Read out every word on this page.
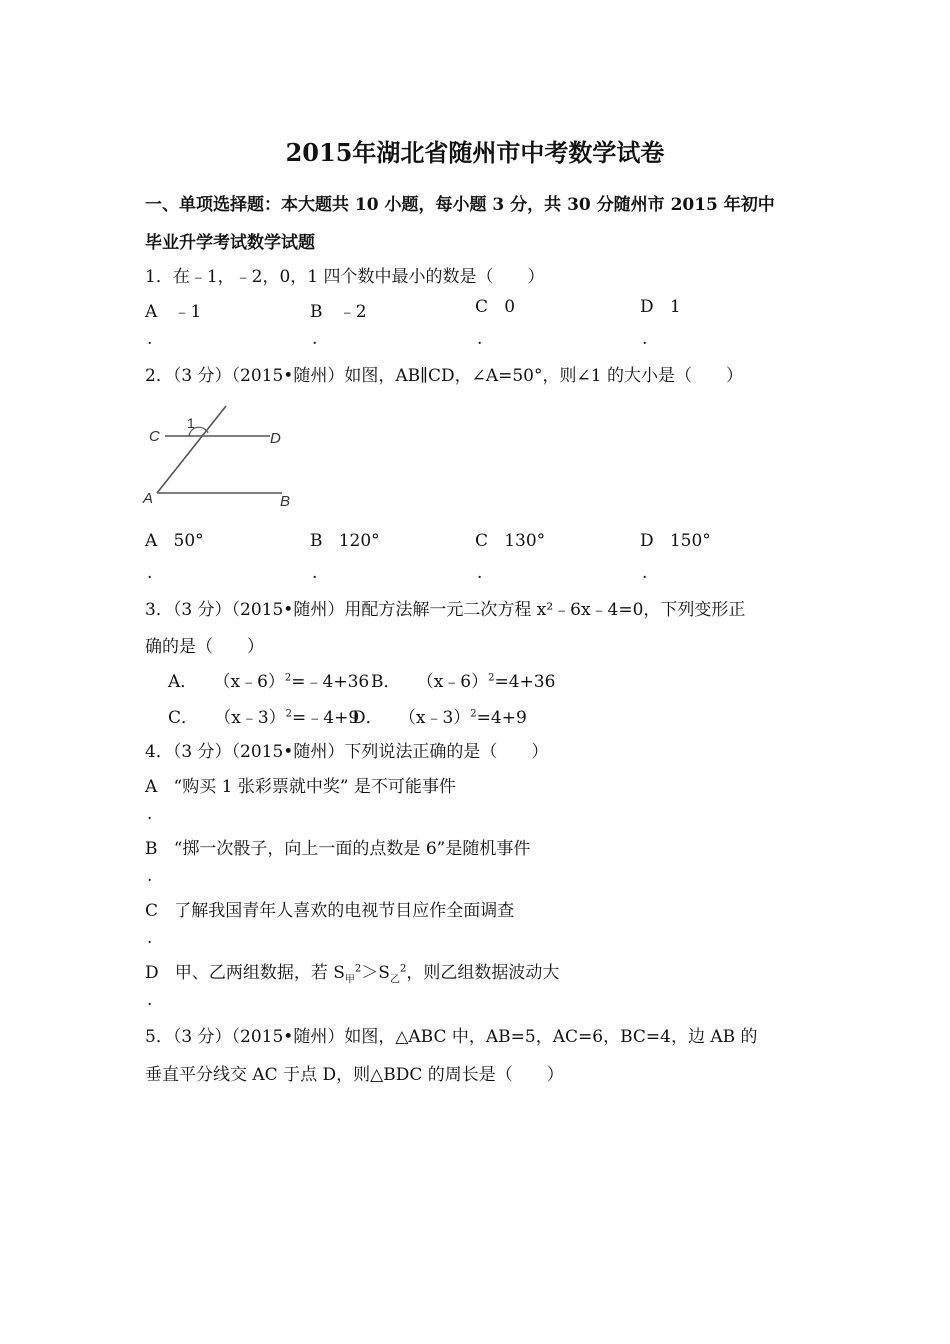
2015年湖北省随州市中考数学试卷
一、单项选择题：本大题共 10 小题，每小题 3 分，共 30 分随州市 2015 年初中
毕业升学考试数学试题
1．在﹣1，﹣2，0，1 四个数中最小的数是（　　）
A ﹣1	B ﹣2	C 0	D 1
.	.	.	.
2．（3 分）（2015•随州）如图，AB∥CD，∠A=50°，则∠1 的大小是（　　）
C	D
A	B
1
A 50°	B 120°	C 130°	D 150°
.	.	.	.
3．（3 分）（2015•随州）用配方法解一元二次方程 x²﹣6x﹣4=0，下列变形正
确的是（　　）
A． （x﹣6）$^2$=﹣4+36 B． （x﹣6）$^2$=4+36
C． （x﹣3）$^2$=﹣4+9
D． （x﹣3）$^2$=4+9
4．（3 分）（2015•随州）下列说法正确的是（　　）
A “购买 1 张彩票就中奖” 是不可能事件
.
B “掷一次骰子，向上一面的点数是 6”是随机事件
.
C 了解我国青年人喜欢的电视节目应作全面调查
.
D 甲、乙两组数据，若 $S_甲^2>S_乙^2$，则乙组数据波动大
.
5．（3 分）（2015•随州）如图，△ABC 中，AB=5，AC=6，BC=4，边 AB 的
垂直平分线交 AC 于点 D，则△BDC 的周长是（　　）
